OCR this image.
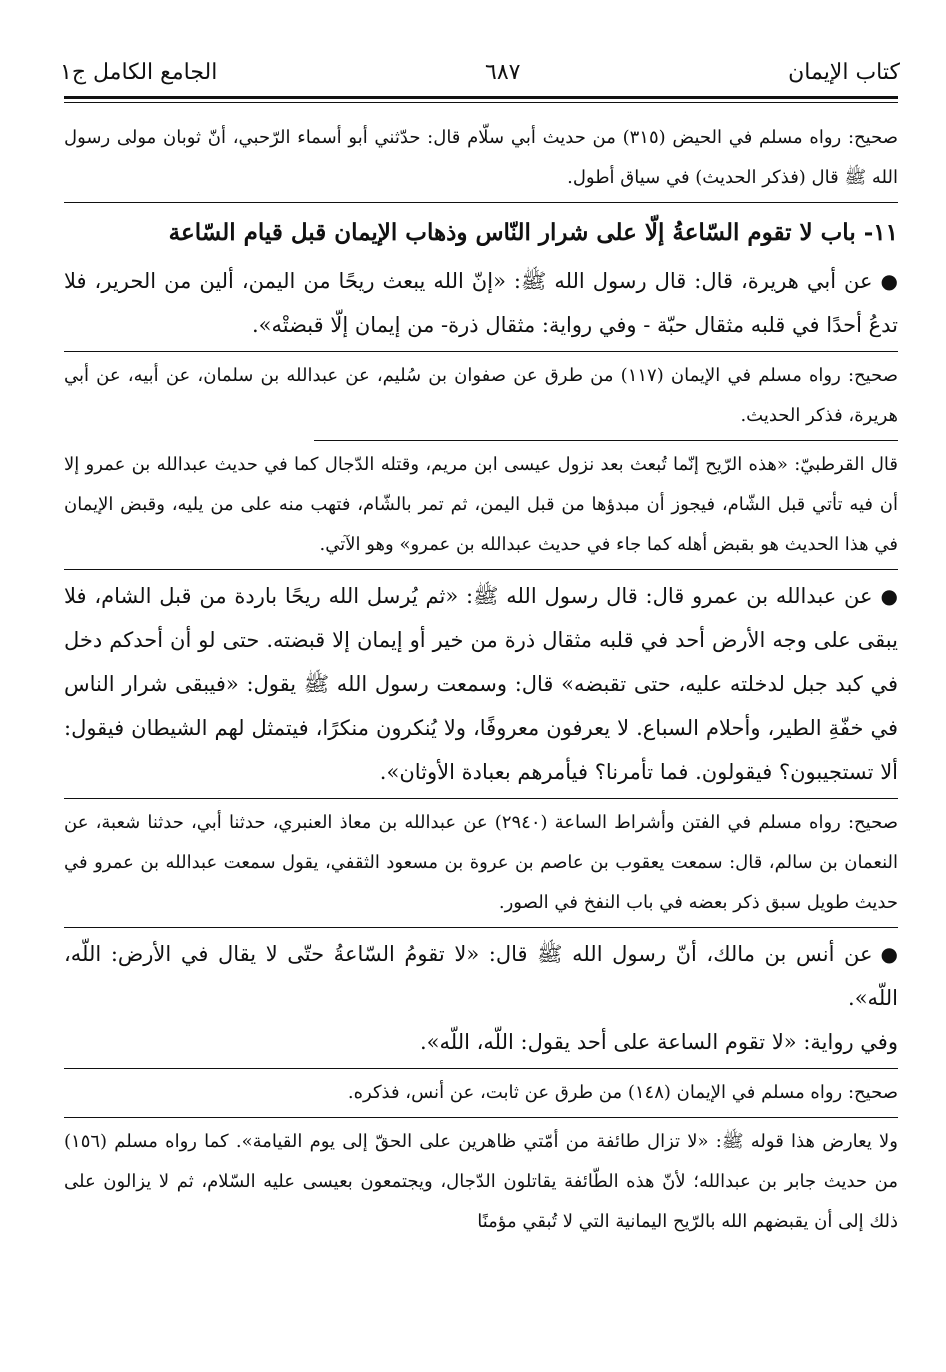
كتاب الإيمان
٦٨٧
الجامع الكامل ج١

صحيح: رواه مسلم في الحيض (٣١٥) من حديث أبي سلّام قال: حدّثني أبو أسماء الرّحبي، أنّ ثوبان مولى رسول الله ﷺ قال (فذكر الحديث) في سياق أطول.

١١- باب لا تقوم السّاعةُ إلّا على شرار النّاس وذهاب الإيمان قبل قيام السّاعة

●عن أبي هريرة، قال: قال رسول الله ﷺ: «إنّ الله يبعث ريحًا من اليمن، ألين من الحرير، فلا تدعُ أحدًا في قلبه مثقال حبّة - وفي رواية: مثقال ذرة- من إيمان إلّا قبضتْه».

صحيح: رواه مسلم في الإيمان (١١٧) من طرق عن صفوان بن سُليم، عن عبدالله بن سلمان، عن أبيه، عن أبي هريرة، فذكر الحديث.

قال القرطبيّ: «هذه الرّيح إنّما تُبعث بعد نزول عيسى ابن مريم، وقتله الدّجال كما في حديث عبدالله بن عمرو إلا أن فيه تأتي قبل الشّام، فيجوز أن مبدؤها من قبل اليمن، ثم تمر بالشّام، فتهب منه على من يليه، وقبض الإيمان في هذا الحديث هو بقبض أهله كما جاء في حديث عبدالله بن عمرو» وهو الآتي.

●عن عبدالله بن عمرو قال: قال رسول الله ﷺ: «ثم يُرسل الله ريحًا باردة من قبل الشام، فلا يبقى على وجه الأرض أحد في قلبه مثقال ذرة من خير أو إيمان إلا قبضته. حتى لو أن أحدكم دخل في كبد جبل لدخلته عليه، حتى تقبضه» قال: وسمعت رسول الله ﷺ يقول: «فيبقى شرار الناس في خفّةِ الطير، وأحلام السباع. لا يعرفون معروفًا، ولا يُنكرون منكرًا، فيتمثل لهم الشيطان فيقول: ألا تستجيبون؟ فيقولون. فما تأمرنا؟ فيأمرهم بعبادة الأوثان».

صحيح: رواه مسلم في الفتن وأشراط الساعة (٢٩٤٠) عن عبدالله بن معاذ العنبري، حدثنا أبي، حدثنا شعبة، عن النعمان بن سالم، قال: سمعت يعقوب بن عاصم بن عروة بن مسعود الثقفي، يقول سمعت عبدالله بن عمرو في حديث طويل سبق ذكر بعضه في باب النفخ في الصور.

●عن أنس بن مالك، أنّ رسول الله ﷺ قال: «لا تقومُ السّاعةُ حتّى لا يقال في الأرض: اللّه، اللّه».

وفي رواية: «لا تقوم الساعة على أحد يقول: اللّه، اللّه».

صحيح: رواه مسلم في الإيمان (١٤٨) من طرق عن ثابت، عن أنس، فذكره.

ولا يعارض هذا قوله ﷺ: «لا تزال طائفة من أمّتي ظاهرين على الحقّ إلى يوم القيامة». كما رواه مسلم (١٥٦) من حديث جابر بن عبدالله؛ لأنّ هذه الطّائفة يقاتلون الدّجال، ويجتمعون بعيسى عليه السّلام، ثم لا يزالون على ذلك إلى أن يقبضهم الله بالرّيح اليمانية التي لا تُبقي مؤمنًا
